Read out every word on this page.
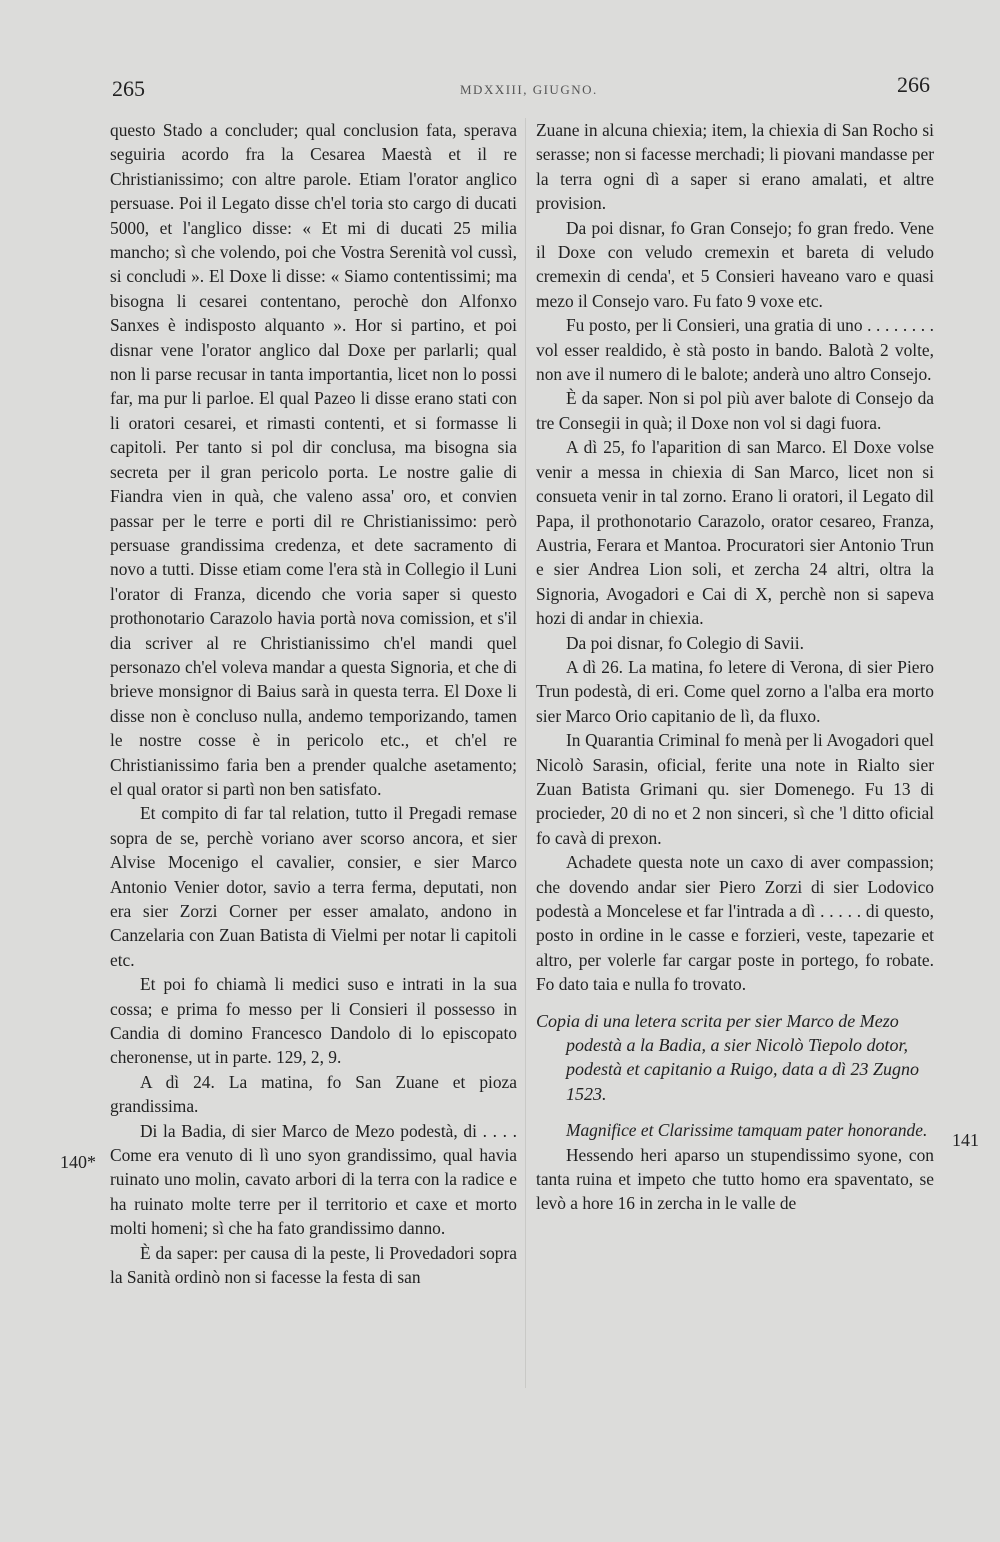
265	MDXXIII, GIUGNO.	266

questo Stado a concluder; qual conclusion fata, sperava seguiria acordo fra la Cesarea Maestà et il re Christianissimo; con altre parole. Etiam l'orator anglico persuase. Poi il Legato disse ch'el toria sto cargo di ducati 5000, et l'anglico disse: « Et mi di ducati 25 milia mancho; sì che volendo, poi che Vostra Serenità vol cussì, si concludi ». El Doxe li disse: « Siamo contentissimi; ma bisogna li cesarei contentano, perochè don Alfonxo Sanxes è indisposto alquanto ». Hor si partino, et poi disnar vene l'orator anglico dal Doxe per parlarli; qual non li parse recusar in tanta importantia, licet non lo possi far, ma pur li parloe. El qual Pazeo li disse erano stati con li oratori cesarei, et rimasti contenti, et si formasse li capitoli. Per tanto si pol dir conclusa, ma bisogna sia secreta per il gran pericolo porta. Le nostre galie di Fiandra vien in quà, che valeno assa' oro, et convien passar per le terre e porti dil re Christianissimo: però persuase grandissima credenza, et dete sacramento di novo a tutti. Disse etiam come l'era stà in Collegio il Luni l'orator di Franza, dicendo che voria saper si questo prothonotario Carazolo havia portà nova comission, et s'il dia scriver al re Christianissimo ch'el mandi quel personazo ch'el voleva mandar a questa Signoria, et che di brieve monsignor di Baius sarà in questa terra. El Doxe li disse non è concluso nulla, andemo temporizando, tamen le nostre cosse è in pericolo etc., et ch'el re Christianissimo faria ben a prender qualche asetamento; el qual orator si partì non ben satisfato.

Et compito di far tal relation, tutto il Pregadi remase sopra de se, perchè voriano aver scorso ancora, et sier Alvise Mocenigo el cavalier, consier, e sier Marco Antonio Venier dotor, savio a terra ferma, deputati, non era sier Zorzi Corner per esser amalato, andono in Canzelaria con Zuan Batista di Vielmi per notar li capitoli etc.

Et poi fo chiamà li medici suso e intrati in la sua cossa; e prima fo messo per li Consieri il possesso in Candia di domino Francesco Dandolo di lo episcopato cheronense, ut in parte. 129, 2, 9.

A dì 24. La matina, fo San Zuane et pioza grandissima.

Di la Badia, di sier Marco de Mezo podestà, di . . . . Come era venuto di lì uno syon grandissimo, qual havia ruinato uno molin, cavato arbori di la terra con la radice e ha ruinato molte terre per il territorio et caxe et morto molti homeni; sì che ha fato grandissimo danno.

È da saper: per causa di la peste, li Provedadori sopra la Sanità ordinò non si facesse la festa di san

Zuane in alcuna chiexia; item, la chiexia di San Rocho si serasse; non si facesse merchadi; li piovani mandasse per la terra ogni dì a saper si erano amalati, et altre provision.

Da poi disnar, fo Gran Consejo; fo gran fredo. Vene il Doxe con veludo cremexin et bareta di veludo cremexin di cenda', et 5 Consieri haveano varo e quasi mezo il Consejo varo. Fu fato 9 voxe etc.

Fu posto, per li Consieri, una gratia di uno . . . . . . . . vol esser realdido, è stà posto in bando. Balotà 2 volte, non ave il numero di le balote; anderà uno altro Consejo.

È da saper. Non si pol più aver balote di Consejo da tre Consegii in quà; il Doxe non vol si dagi fuora.

A dì 25, fo l'aparition di san Marco. El Doxe volse venir a messa in chiexia di San Marco, licet non si consueta venir in tal zorno. Erano li oratori, il Legato dil Papa, il prothonotario Carazolo, orator cesareo, Franza, Austria, Ferara et Mantoa. Procuratori sier Antonio Trun e sier Andrea Lion soli, et zercha 24 altri, oltra la Signoria, Avogadori e Cai di X, perchè non si sapeva hozi di andar in chiexia.

Da poi disnar, fo Colegio di Savii.

A dì 26. La matina, fo letere di Verona, di sier Piero Trun podestà, di eri. Come quel zorno a l'alba era morto sier Marco Orio capitanio de lì, da fluxo.

In Quarantia Criminal fo menà per li Avogadori quel Nicolò Sarasin, oficial, ferite una note in Rialto sier Zuan Batista Grimani qu. sier Domenego. Fu 13 di procieder, 20 di no et 2 non sinceri, sì che 'l ditto oficial fo cavà di prexon.

Achadete questa note un caxo di aver compassion; che dovendo andar sier Piero Zorzi di sier Lodovico podestà a Moncelese et far l'intrada a dì . . . . . di questo, posto in ordine in le casse e forzieri, veste, tapezarie et altro, per volerle far cargar poste in portego, fo robate. Fo dato taia e nulla fo trovato.

Copia di una letera scrita per sier Marco de Mezo podestà a la Badia, a sier Nicolò Tiepolo dotor, podestà et capitanio a Ruigo, data a dì 23 Zugno 1523.

Magnifice et Clarissime tamquam pater honorande.

Hessendo heri aparso un stupendissimo syone, con tanta ruina et impeto che tutto homo era spaventato, se levò a hore 16 in zercha in le valle de

140*
141
